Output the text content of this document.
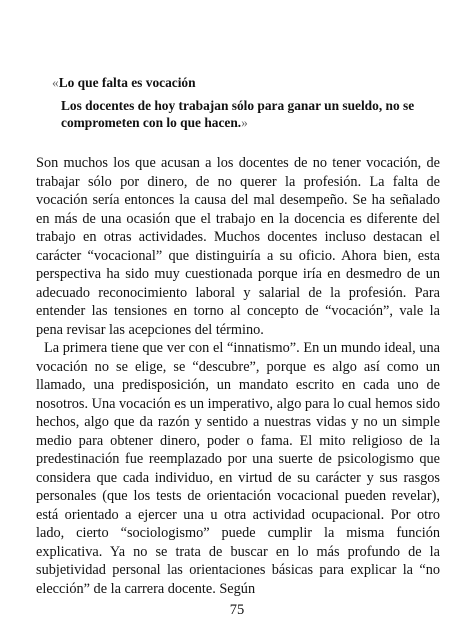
«Lo que falta es vocación
Los docentes de hoy trabajan sólo para ganar un sueldo, no se comprometen con lo que hacen.»

Son muchos los que acusan a los docentes de no tener vocación, de trabajar sólo por dinero, de no querer la profesión. La falta de vocación sería entonces la causa del mal desempeño. Se ha señalado en más de una ocasión que el trabajo en la docencia es diferente del trabajo en otras actividades. Muchos docentes incluso destacan el carácter “vocacional” que distinguiría a su oficio. Ahora bien, esta perspectiva ha sido muy cuestionada porque iría en desmedro de un adecuado reconocimiento laboral y salarial de la profesión. Para entender las tensiones en torno al concepto de “vocación”, vale la pena revisar las acepciones del término.

La primera tiene que ver con el “innatismo”. En un mundo ideal, una vocación no se elige, se “descubre”, porque es algo así como un llamado, una predisposición, un mandato escrito en cada uno de nosotros. Una vocación es un imperativo, algo para lo cual hemos sido hechos, algo que da razón y sentido a nuestras vidas y no un simple medio para obtener dinero, poder o fama. El mito religioso de la predestinación fue reemplazado por una suerte de psicologismo que considera que cada individuo, en virtud de su carácter y sus rasgos personales (que los tests de orientación vocacional pueden revelar), está orientado a ejercer una u otra actividad ocupacional. Por otro lado, cierto “sociologismo” puede cumplir la misma función explicativa. Ya no se trata de buscar en lo más profundo de la subjetividad personal las orientaciones básicas para explicar la “no elección” de la carrera docente. Según

75
